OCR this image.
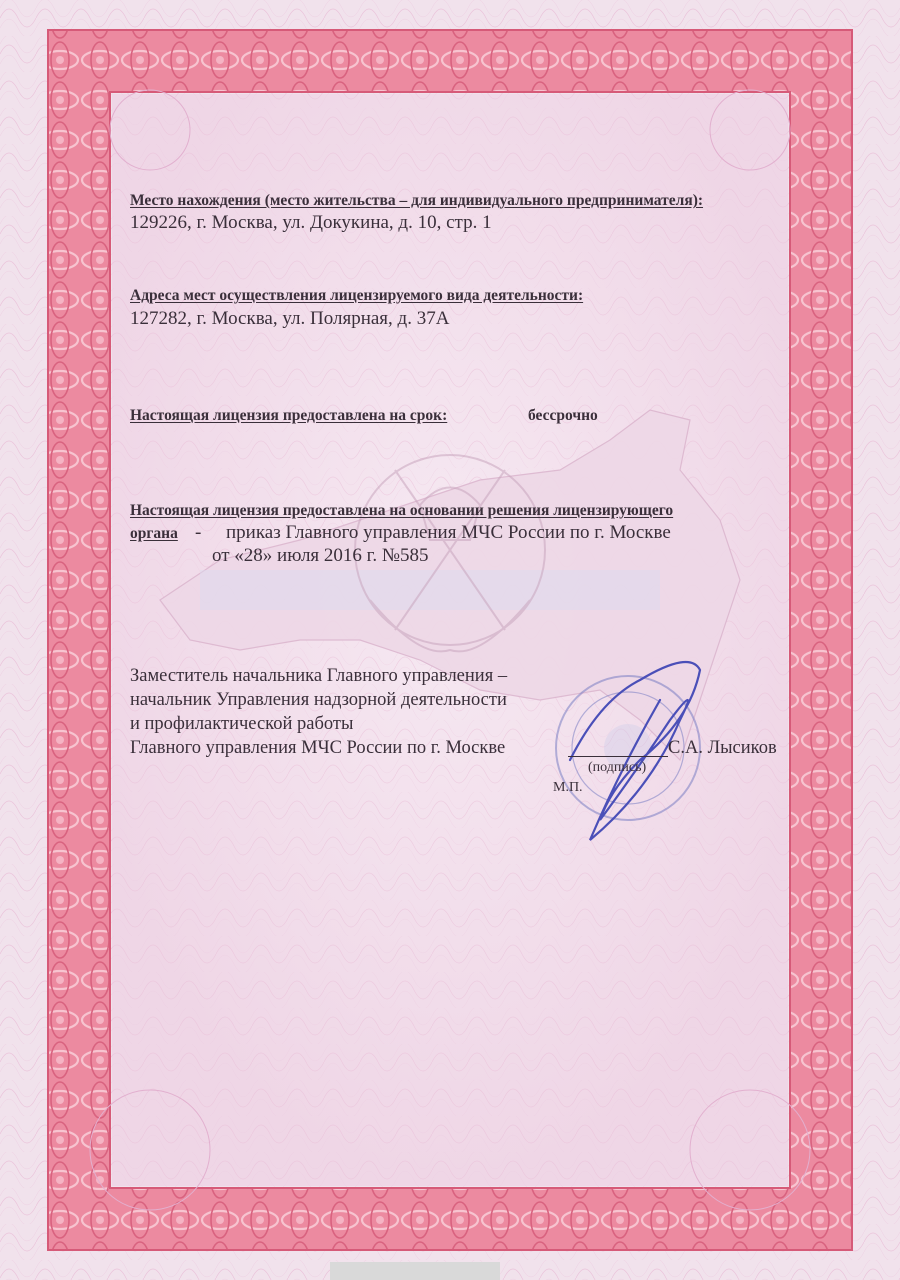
Место нахождения (место жительства – для индивидуального предпринимателя):
129226, г. Москва, ул. Докукина, д. 10, стр. 1
Адреса мест осуществления лицензируемого вида деятельности:
127282, г. Москва, ул. Полярная, д. 37А
Настоящая лицензия предоставлена на срок:	бессрочно
Настоящая лицензия предоставлена на основании решения лицензирующего
органа - приказ Главного управления МЧС России по г. Москве
от «28» июля 2016 г. №585
Заместитель начальника Главного управления –
начальник Управления надзорной деятельности
и профилактической работы
Главного управления МЧС России по г. Москве	С.А. Лысиков
(подпись)
М.П.
